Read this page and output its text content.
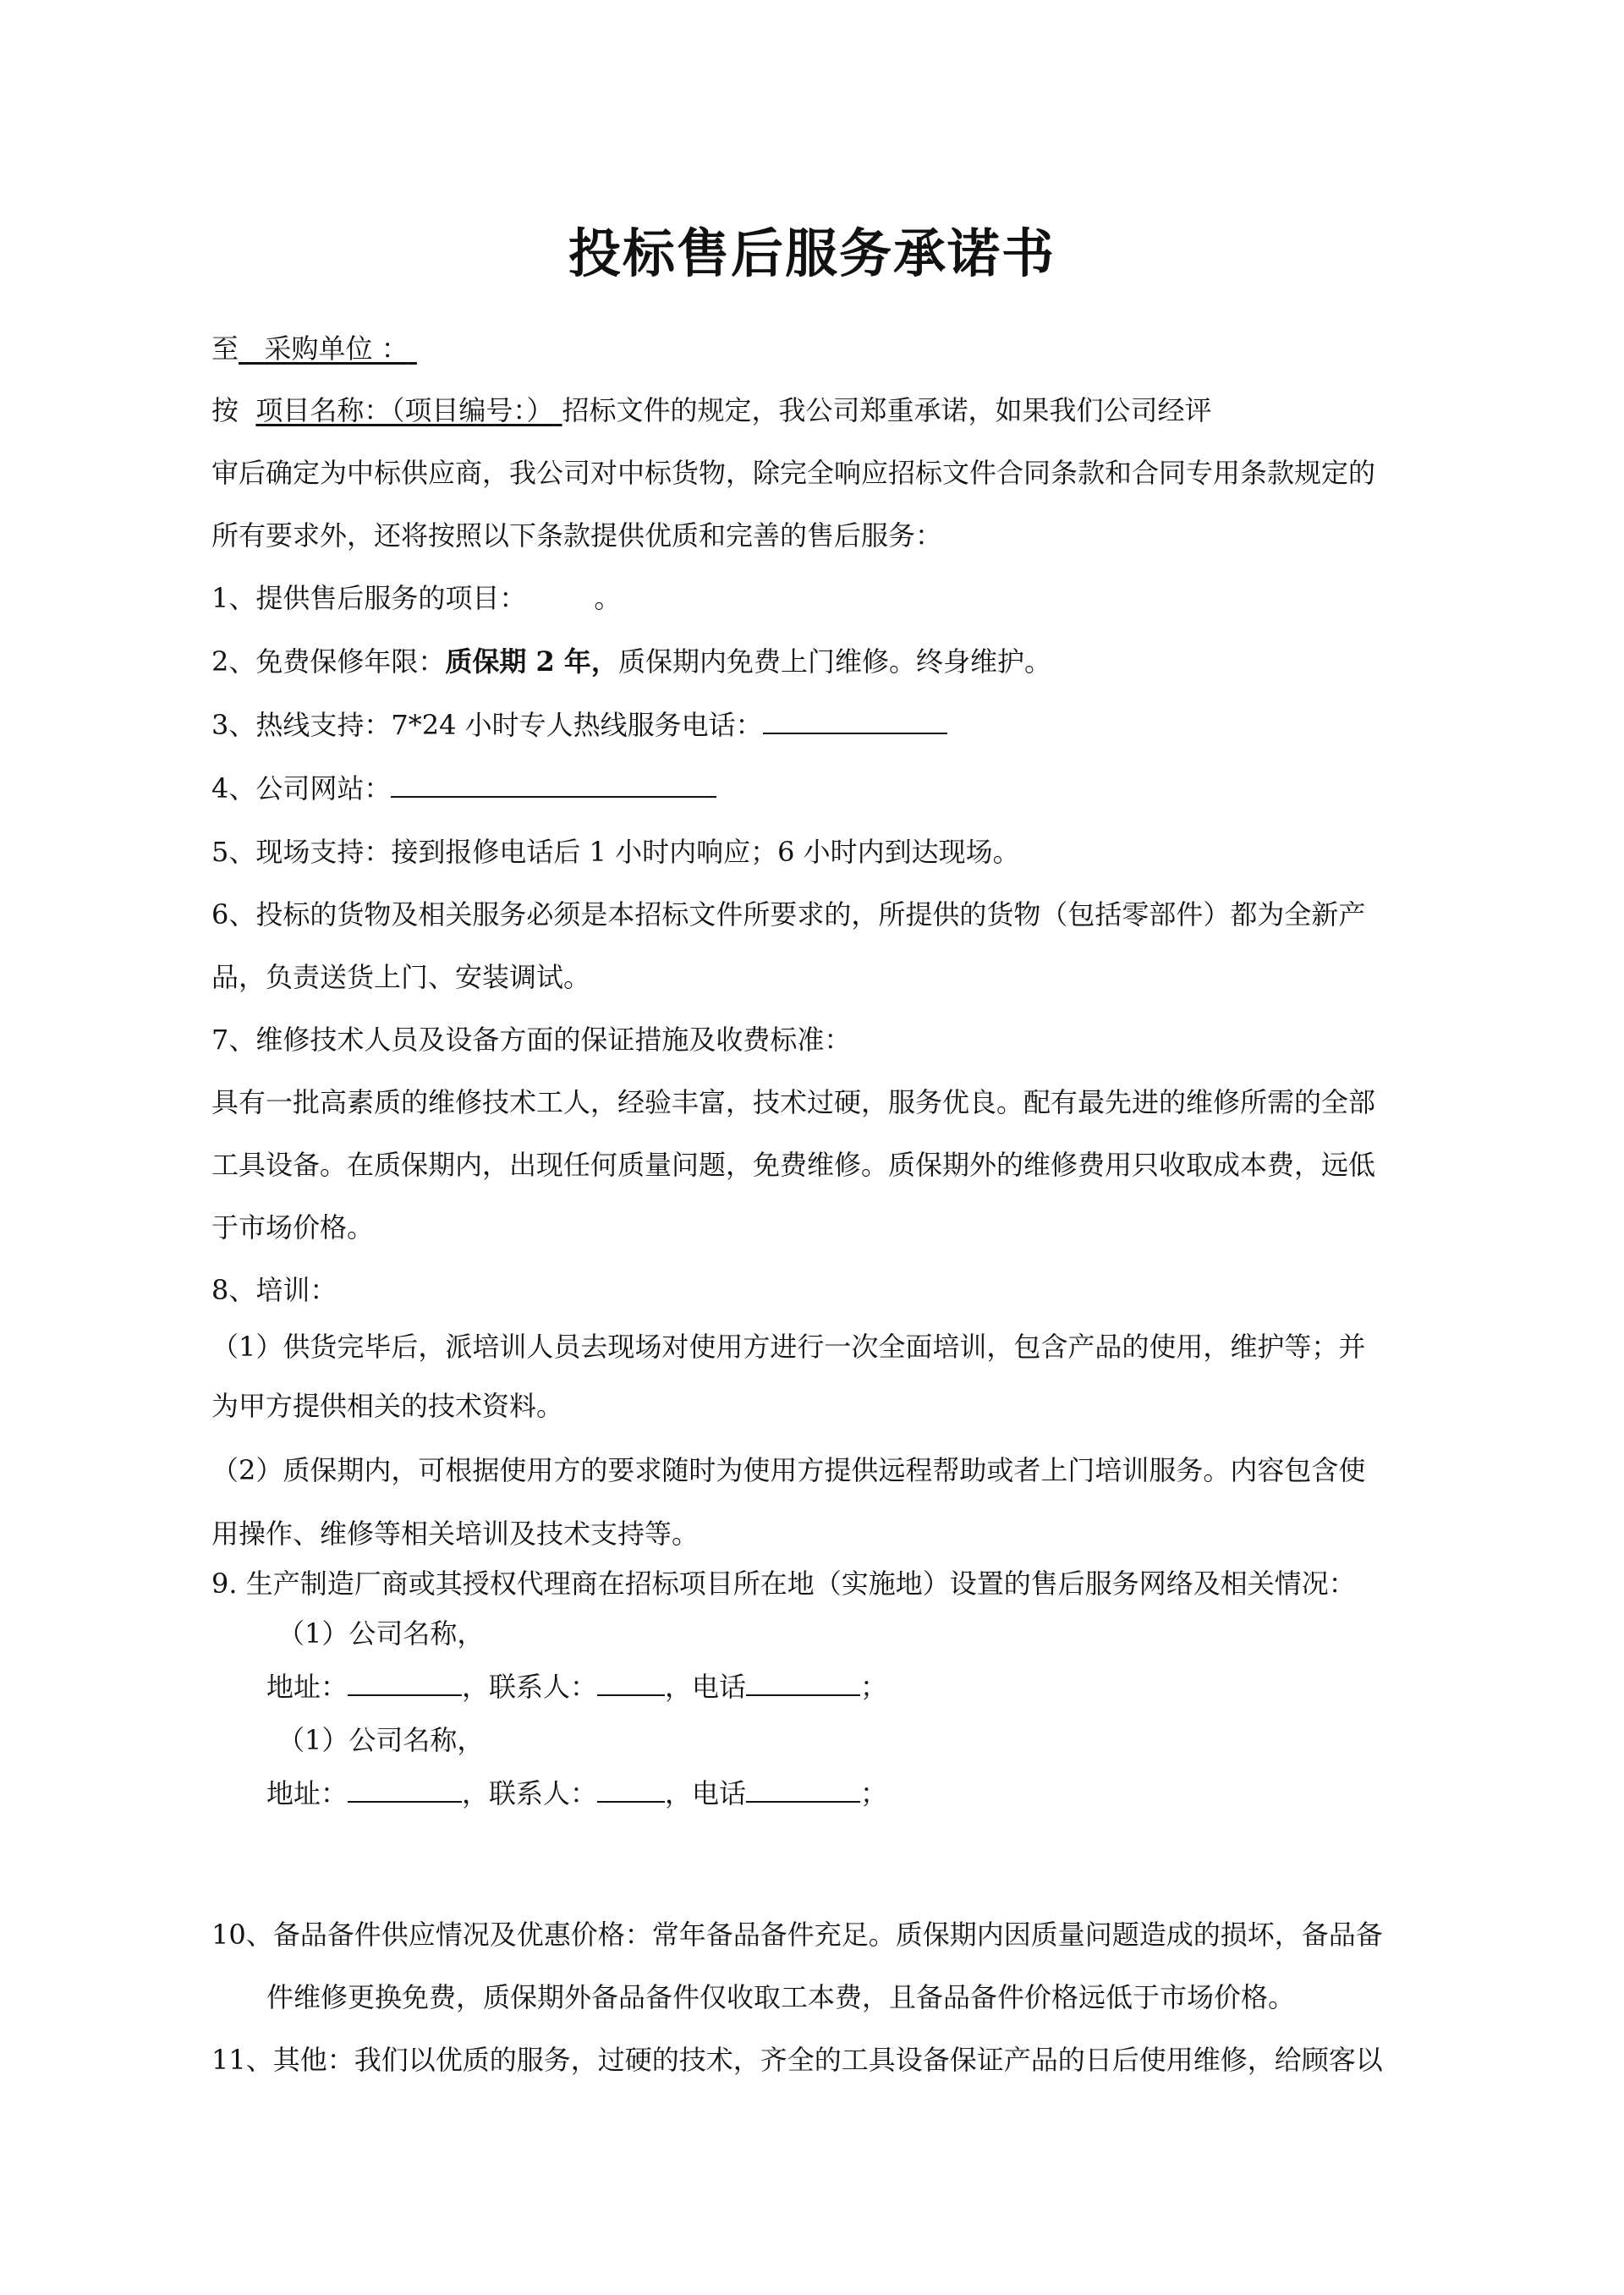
投标售后服务承诺书
至 采购单位 ：
按 项目名称：（项目编号：） 招标文件的规定，我公司郑重承诺，如果我们公司经评
审后确定为中标供应商，我公司对中标货物，除完全响应招标文件合同条款和合同专用条款规定的
所有要求外，还将按照以下条款提供优质和完善的售后服务：
1、提供售后服务的项目：　　　。
2、免费保修年限：质保期 2 年，质保期内免费上门维修。终身维护。
3、热线支持：7*24 小时专人热线服务电话：
4、公司网站：
5、现场支持：接到报修电话后 1 小时内响应；6 小时内到达现场。
6、投标的货物及相关服务必须是本招标文件所要求的，所提供的货物（包括零部件）都为全新产
品，负责送货上门、安装调试。
7、维修技术人员及设备方面的保证措施及收费标准：
具有一批高素质的维修技术工人，经验丰富，技术过硬，服务优良。配有最先进的维修所需的全部
工具设备。在质保期内，出现任何质量问题，免费维修。质保期外的维修费用只收取成本费，远低
于市场价格。
8、培训：
（1）供货完毕后，派培训人员去现场对使用方进行一次全面培训，包含产品的使用，维护等；并
为甲方提供相关的技术资料。
（2）质保期内，可根据使用方的要求随时为使用方提供远程帮助或者上门培训服务。内容包含使
用操作、维修等相关培训及技术支持等。
9. 生产制造厂商或其授权代理商在招标项目所在地（实施地）设置的售后服务网络及相关情况：
（1）公司名称，
地址：	，联系人：	，电话	；
（1）公司名称，
地址：	，联系人：	，电话	；
10、备品备件供应情况及优惠价格：常年备品备件充足。质保期内因质量问题造成的损坏，备品备
件维修更换免费，质保期外备品备件仅收取工本费，且备品备件价格远低于市场价格。
11、其他：我们以优质的服务，过硬的技术，齐全的工具设备保证产品的日后使用维修，给顾客以
